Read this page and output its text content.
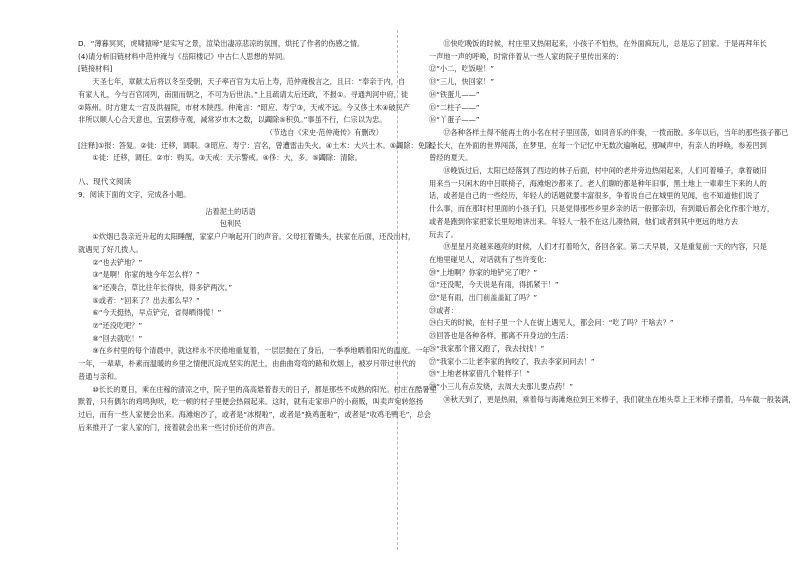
D．“薄暮冥冥，虎啸猿啼”是实写之景，渲染出凄凉悲凉的氛围，烘托了作者的伤感之情。

(4)请分析旧链材料中范仲淹与《岳阳楼记》中古仁人思想的异同。

[链接材料]

　　天圣七年，章献太后将以冬至受朝，天子率百官为太后上寿，范仲淹极言之，且曰：“奉亲于内，自

有家人礼，今与百官同列，南面而朝之，不可为后世法。”上且疏请太后还政，不报①。寻通判河中府，徙

②陈州。时方建太一宫及洪福院，市材木陕西。仲淹言：“昭应、寿宁③，天戒不远。今又侈土木④破民产

非所以顺人心合天意也，宜罢修寺观，减常岁市木之数，以蠲除⑤积负。”事虽不行，仁宗以为忠。

（节选自《宋史·范仲淹传》有删改）

[注释]①报：答复。②徙：迁移，调职。③昭应、寿宁：宫名，曾遭雷击失火。④土木：大兴土木。⑤蠲除：免除。

　　①徙：迁移，调任。②市：购买。③天戒：天示警戒。④侈：大，多。⑤蠲除：清除。

八、现代文阅读

9．阅读下面的文字，完成各小题。

沾着泥土的话语

包利民

　　①炊烟已袅亲近升起的太阳睡醒，家家户户响起开门的声音。父母扛着锄头，扶家在后面，还没出村，

就遇见了好几拨人。

　　②“也去铲地？”

　　③“是啊！你家的地今年怎么样？”

　　④“还凑合，草比往年长得快，得多铲两次。”

　　⑤或者：“回来了？出去那么早？”

　　⑥“今天挺热，早点铲完，省得晒得慌！”

　　⑦“还没吃吧？”

　　⑧“回去就吃！”

　　⑨在乡村里的每个清晨中，就这样永不厌倦地重复着，一层层抛在了身后，一季季地晒着阳光的温度。一年

一年，一辈辈，朴素而温暖的乡里之情便沉淀成坚实的泥土，由曲曲弯弯的路和炊烟上，被岁月带过世代的

普通与亲和。

　　⑩长长的夏日，乘在庄稼的清凉之中，院子里的高高悬着春天的日子，都是那些不成熟的阳光。村庄在酷暑里

默着，只有偶尔的鸡鸣狗吠，吃一顿的村子里便会热闹起来。这时，就有走家串户的小商贩，叫卖声宛转悠扬

过后，而有一些人家便会出来。海滩炮沙了，或者是“冰棍啦”，或者是“换鸡蛋啦”，或者是“收鸡毛鸭毛”，总会

后来推开了一家人家的门，接着就会出来一些讨价还价的声音。

　　⑪快吃晚饭的时候，村庄里又热闹起来，小孩子不怕热，在外面疯玩儿，总是忘了回家。于是再拜年长

一声地一声的呼唤，时常伴着从一些人家的院子里传出来的：

⑫“小二，吃饭啦！”

⑬“三儿，快回家！”

⑭“铁蛋儿——”

⑮“二柱子——”

⑯“丫蛋子——”

　　⑰各种各样土得不能再土的小名在村子里回荡，如同音乐的伴奏，一拨而散。多年以后，当年的那些孩子都已

经长大，在外面的世界闯荡，在梦里，在每一个记忆中无数次遍响起，那喊声中，有亲人的呼唤，参差凹到

曾经的夏天。

　　⑱晚饭过后，太阳已经落到了西边的林子后面，村中间的老井旁边热闹起来，人们可着嗓子，拿着破旧

用来当一只闲木的中吕联椅子，海滩炮沙都来了。老人们聊的都是种年旧事，黑土地上一辈辈生下来的人的

话，或者是自己的一些经历，年轻人的话题就要丰富很多，争着说自己在城里的见闻，也不知道他们说了

什么事，而在那时村里面的小孩子们，只是觉得那些乡里乡亲的话一般都亲切，有到最后都会化作那个地方，

或者是跑到你家把家长里短地讲出来。年轻人一般不在这儿凑热闹，他们或者到其中更远的地方去

玩去了。

　　⑲星星月亮越来越亮的时候，人们才打着哈欠，各回各家。第二天早晨，又是重复前一天的内容，只是

在地里碰见人，对话就有了些许变化：

⑳“上地啊？你家的地铲完了吧？”

㉑“还没呢，今天说是有雨，得抓紧干！”

㉒“是有雨，出门前盖盖缸了吗？”

㉓或者：

㉔白天的时候，在村子里一个人在街上遇见人，都会问：“吃了吗？干啥去？”

㉕回答也是各种各样，都离不开身边的生活：

㉖“我家那个猪又跑了，我去找找！”

㉗“我家小二让老李家的狗咬了，我去李家问问去！”

㉘“上地老林家借几个鞋样子！”

㉙“小三儿有点发烧，去周大夫那儿要点药！”

　　㉚秋天到了，更是热闹，乘着每与海滩炮拉到王米棒子，我们就坐在地头草上王米棒子摆着，马车截一般装满，
